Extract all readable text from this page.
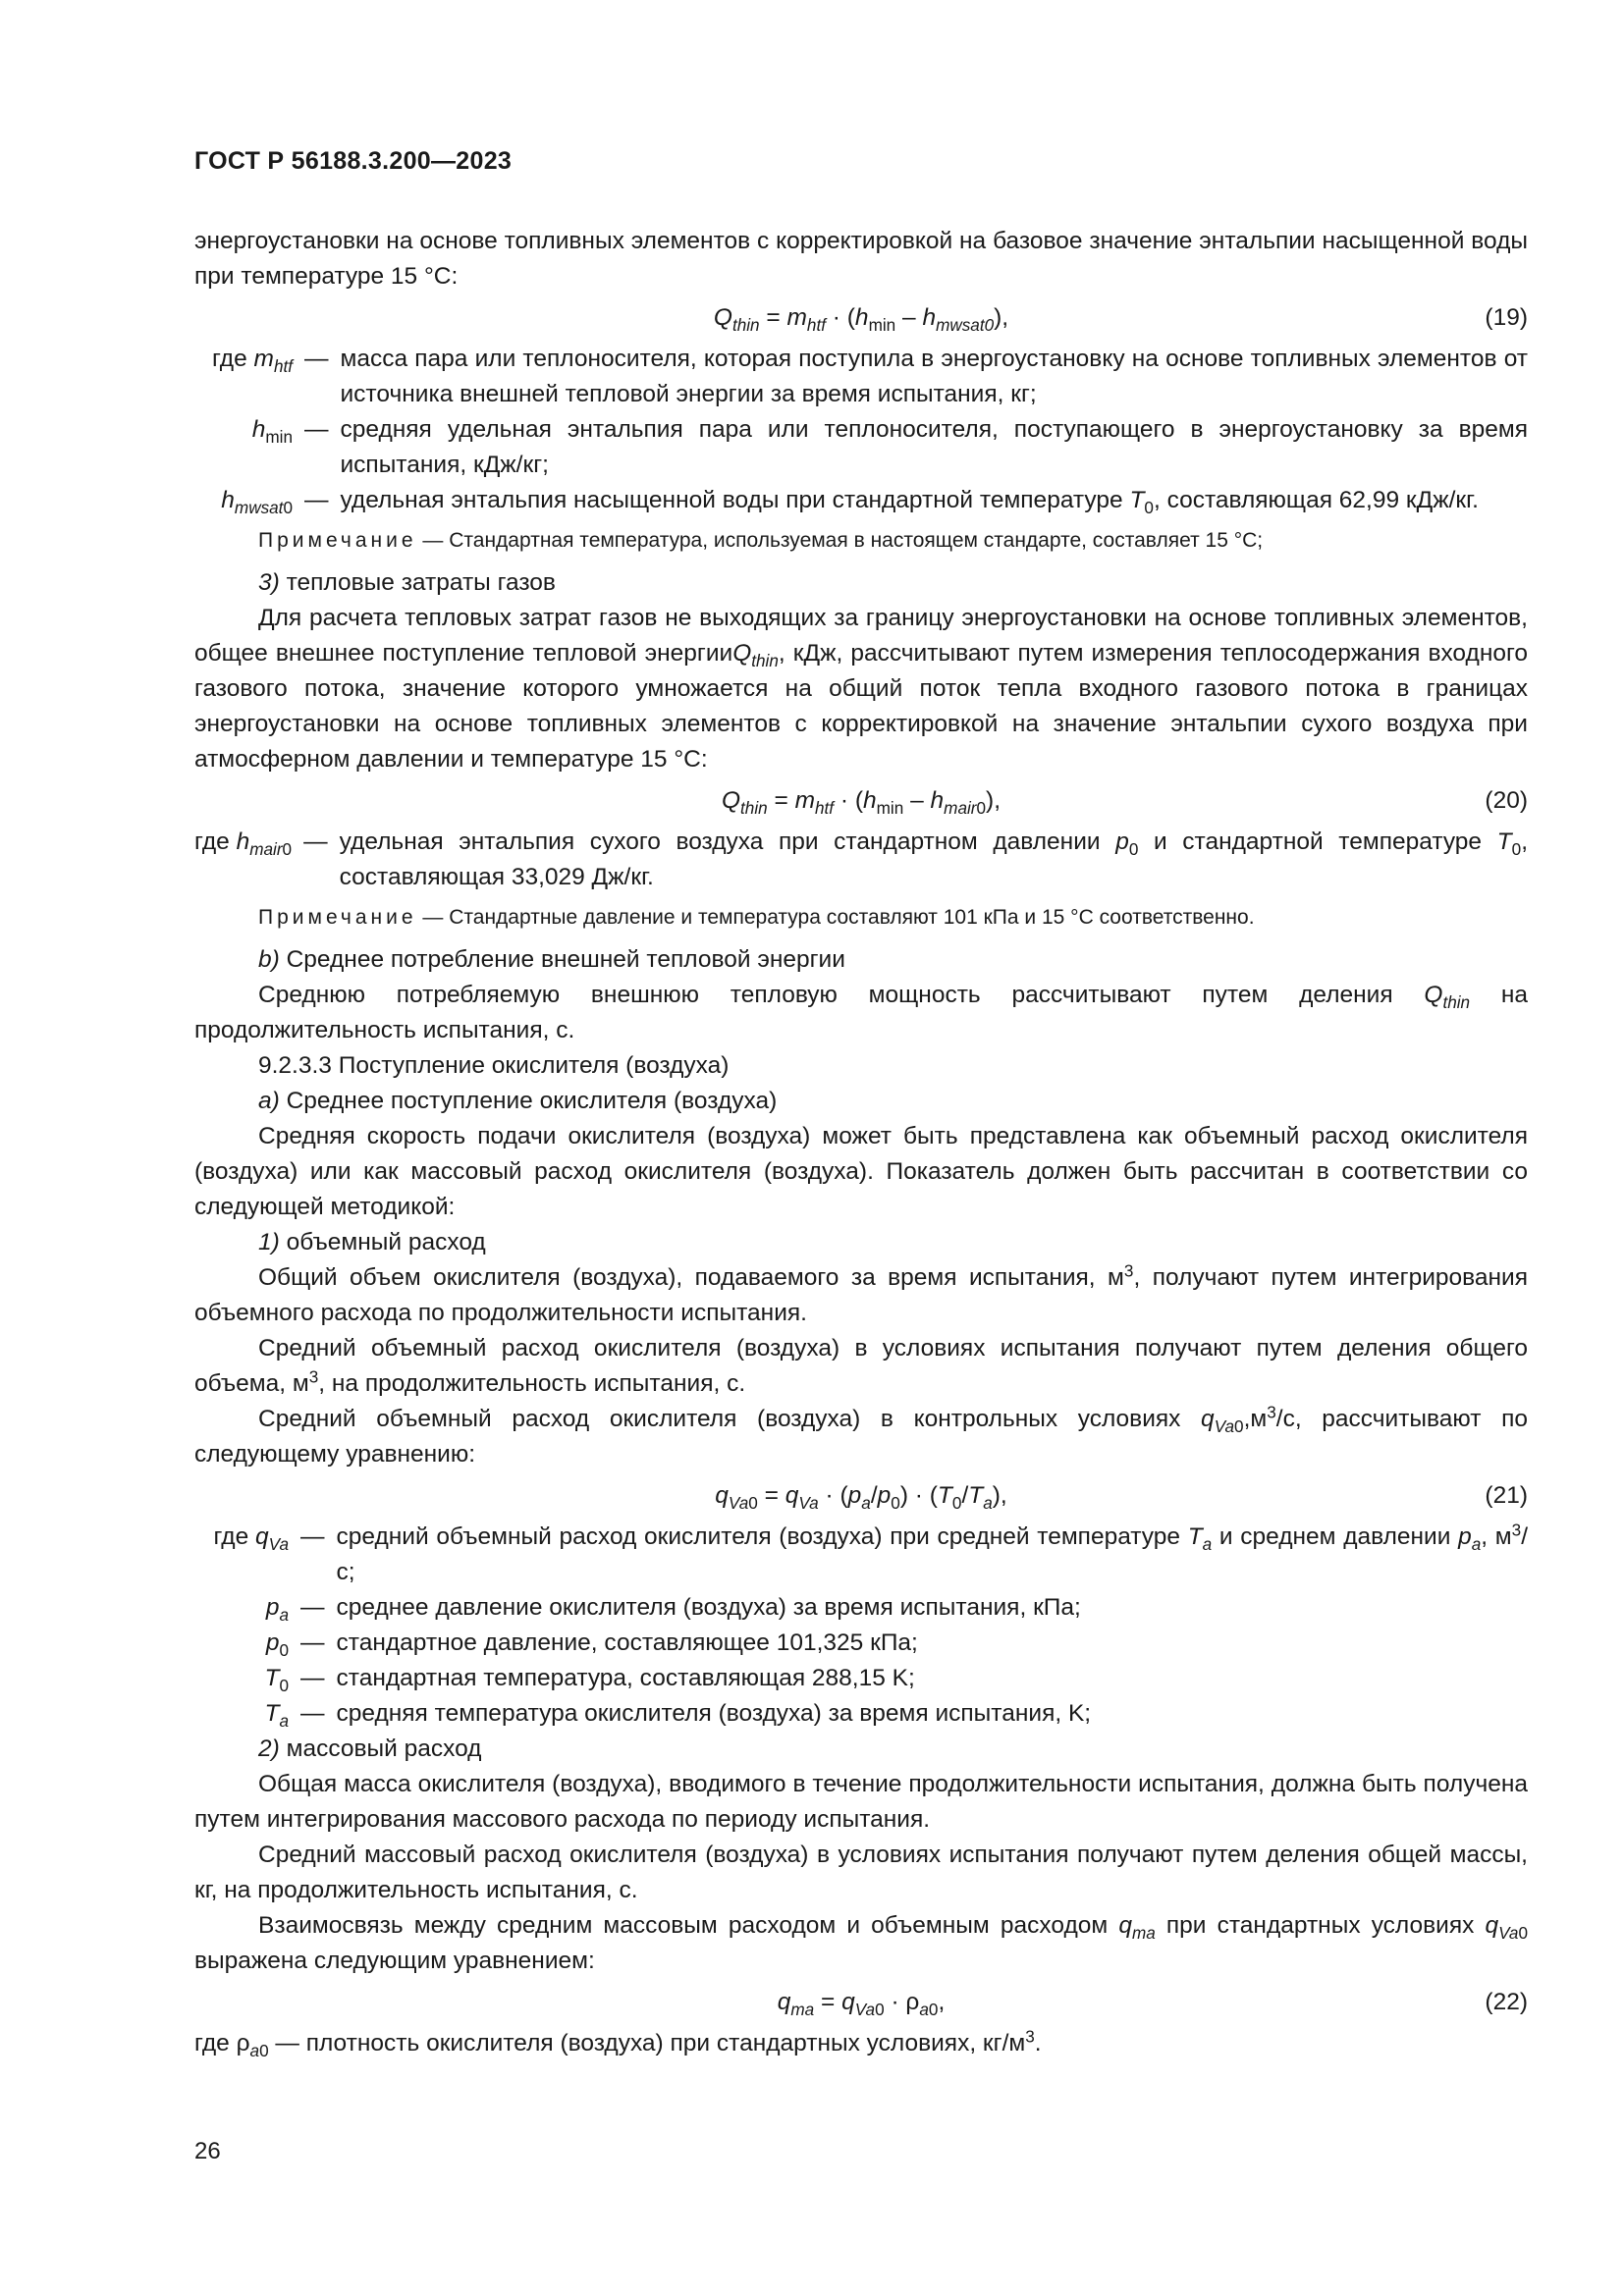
ГОСТ Р 56188.3.200—2023

энергоустановки на основе топливных элементов с корректировкой на базовое значение энтальпии насыщенной воды при температуре 15 °С:

$Q_{thin} = m_{htf} \cdot (h_{min} - h_{mwsat0})$,	(19)
где $m_{htf}$ — масса пара или теплоносителя, которая поступила в энергоустановку на основе топливных элементов от источника внешней тепловой энергии за время испытания, кг;
$h_{min}$ — средняя удельная энтальпия пара или теплоносителя, поступающего в энергоустановку за время испытания, кДж/кг;
$h_{mwsat0}$ — удельная энтальпия насыщенной воды при стандартной температуре $T_0$, составляющая 62,99 кДж/кг.
Примечание — Стандартная температура, используемая в настоящем стандарте, составляет 15 °С;

3) тепловые затраты газов

Для расчета тепловых затрат газов не выходящих за границу энергоустановки на основе топливных элементов, общее внешнее поступление тепловой энергииQ$_{thin}$, кДж, рассчитывают путем измерения теплосодержания входного газового потока, значение которого умножается на общий поток тепла входного газового потока в границах энергоустановки на основе топливных элементов с корректировкой на значение энтальпии сухого воздуха при атмосферном давлении и температуре 15 °С:

$Q_{thin} = m_{htf} \cdot (h_{min} - h_{mair0})$,	(20)
где $h_{mair0}$ — удельная энтальпия сухого воздуха при стандартном давлении $p_0$ и стандартной температуре $T_0$, составляющая 33,029 Дж/кг.
Примечание — Стандартные давление и температура составляют 101 кПа и 15 °С соответственно.

b) Среднее потребление внешней тепловой энергии

Среднюю потребляемую внешнюю тепловую мощность рассчитывают путем деления $Q_{thin}$ на продолжительность испытания, с.

9.2.3.3 Поступление окислителя (воздуха)

а) Среднее поступление окислителя (воздуха)

Средняя скорость подачи окислителя (воздуха) может быть представлена как объемный расход окислителя (воздуха) или как массовый расход окислителя (воздуха). Показатель должен быть рассчитан в соответствии со следующей методикой:

1) объемный расход

Общий объем окислителя (воздуха), подаваемого за время испытания, $м^3$, получают путем интегрирования объемного расхода по продолжительности испытания.

Средний объемный расход окислителя (воздуха) в условиях испытания получают путем деления общего объема, $м^3$, на продолжительность испытания, с.

Средний объемный расход окислителя (воздуха) в контрольных условиях $q_{Va0},м^3/с$, рассчитывают по следующему уравнению:

$q_{Va0} = q_{Va} \cdot (p_a/p_0) \cdot (T_0/T_a)$,	(21)
где $q_{Va}$ — средний объемный расход окислителя (воздуха) при средней температуре $T_a$ и среднем давлении $p_a$, $м^3/с$;
$p_a$ — среднее давление окислителя (воздуха) за время испытания, кПа;
$p_0$ — стандартное давление, составляющее 101,325 кПа;
$T_0$ — стандартная температура, составляющая 288,15 K;
$T_a$ — средняя температура окислителя (воздуха) за время испытания, K;

2) массовый расход

Общая масса окислителя (воздуха), вводимого в течение продолжительности испытания, должна быть получена путем интегрирования массового расхода по периоду испытания.

Средний массовый расход окислителя (воздуха) в условиях испытания получают путем деления общей массы, кг, на продолжительность испытания, с.

Взаимосвязь между средним массовым расходом и объемным расходом $q_{ma}$ при стандартных условиях $q_{Va0}$ выражена следующим уравнением:

$q_{ma} = q_{Va0} \cdot \rho_{a0}$,	(22)

где $\rho_{a0}$ — плотность окислителя (воздуха) при стандартных условиях, $кг/м^3$.

26
